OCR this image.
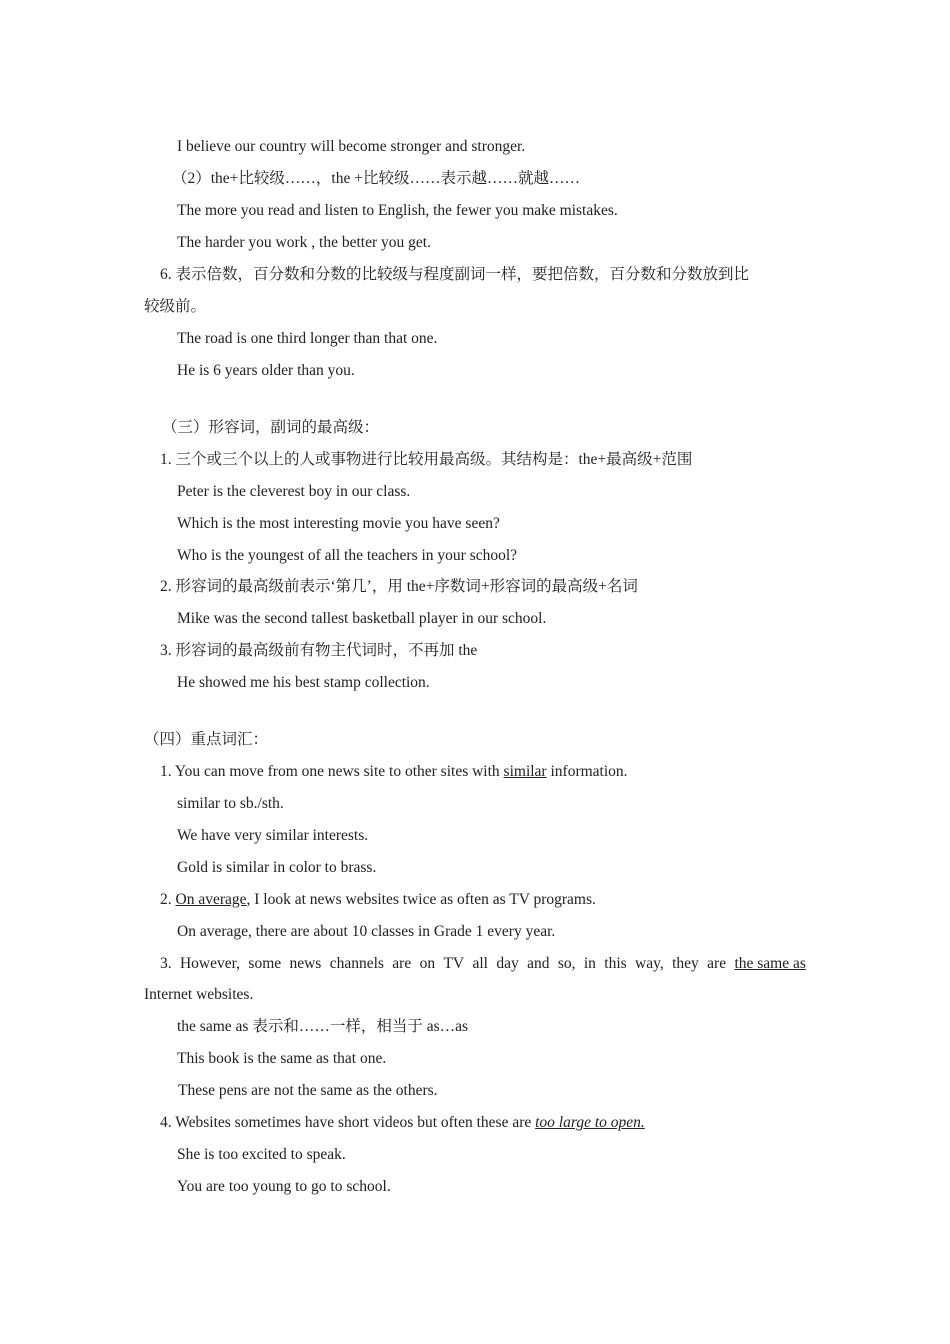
I believe our country will become stronger and stronger.
（2）the+比较级……，the +比较级……表示越……就越……
The more you read and listen to English, the fewer you make mistakes.
The harder you work , the better you get.
6. 表示倍数，百分数和分数的比较级与程度副词一样，要把倍数，百分数和分数放到比
较级前。
The road is one third longer than that one.
He is 6 years older than you.
（三）形容词，副词的最高级：
1. 三个或三个以上的人或事物进行比较用最高级。其结构是：the+最高级+范围
Peter is the cleverest boy in our class.
Which is the most interesting movie you have seen?
Who is the youngest of all the teachers in your school?
2. 形容词的最高级前表示‘第几’，用 the+序数词+形容词的最高级+名词
Mike was the second tallest basketball player in our school.
3. 形容词的最高级前有物主代词时，不再加 the
He showed me his best stamp collection.
（四）重点词汇：
1. You can move from one news site to other sites with similar information.
similar to sb./sth.
We have very similar interests.
Gold is similar in color to brass.
2. On average, I look at news websites twice as often as TV programs.
On average, there are about 10 classes in Grade 1 every year.
3. However, some news channels are on TV all day and so, in this way, they are the same as
Internet websites.
the same as 表示和……一样，相当于 as…as
This book is the same as that one.
These pens are not the same as the others.
4. Websites sometimes have short videos but often these are too large to open.
She is too excited to speak.
You are too young to go to school.
